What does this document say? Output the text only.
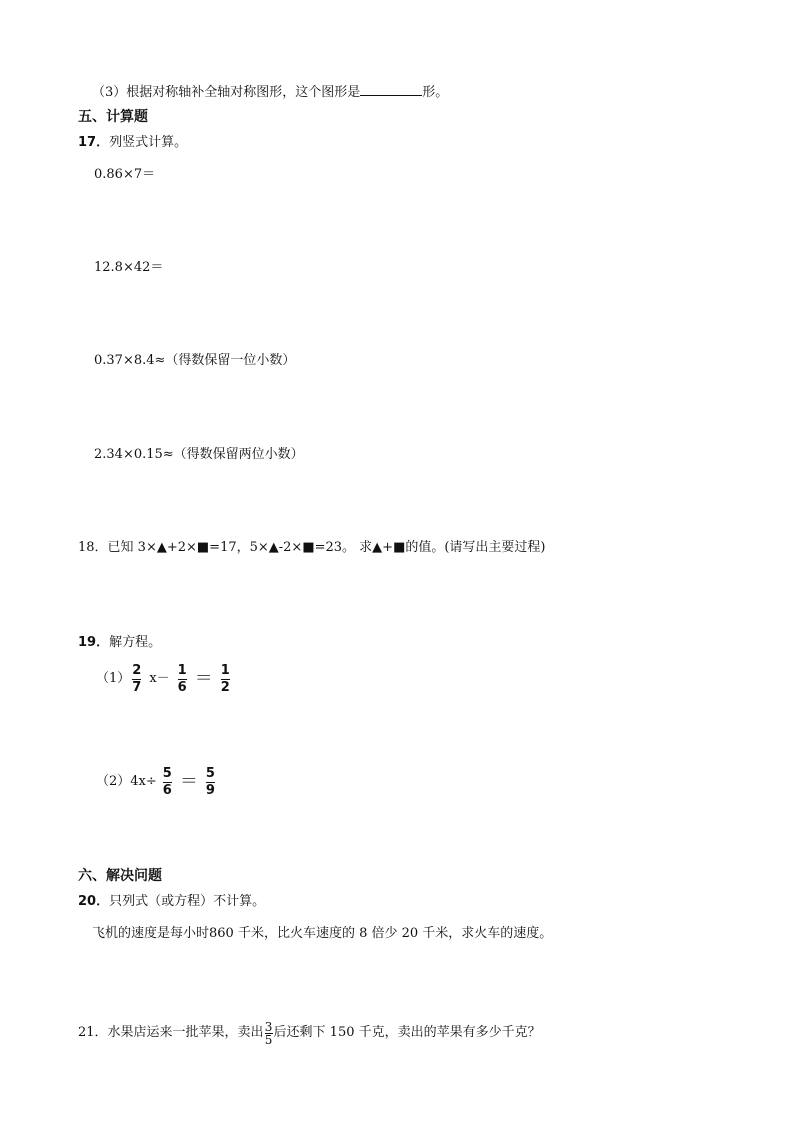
（3）根据对称轴补全轴对称图形，这个图形是	形。
五、计算题
17．列竖式计算。
0.86×7＝
12.8×42＝
0.37×8.4≈（得数保留一位小数）
2.34×0.15≈（得数保留两位小数）
18．已知 3×▲+2×■=17，5×▲-2×■=23。 求▲+■的值。(请写出主要过程)
19．解方程。
$(1) \frac{2}{7} x- \frac{1}{6} = \frac{1}{2}$
$(2)4x\div \frac{5}{6} = \frac{5}{9}$
六、解决问题
20．只列式（或方程）不计算。
飞机的速度是每小时860 千米，比火车速度的 8 倍少 20 千米，求火车的速度。
21．水果店运来一批苹果，卖出 $\frac{3}{5}$ 后还剩下 150 千克，卖出的苹果有多少千克？
